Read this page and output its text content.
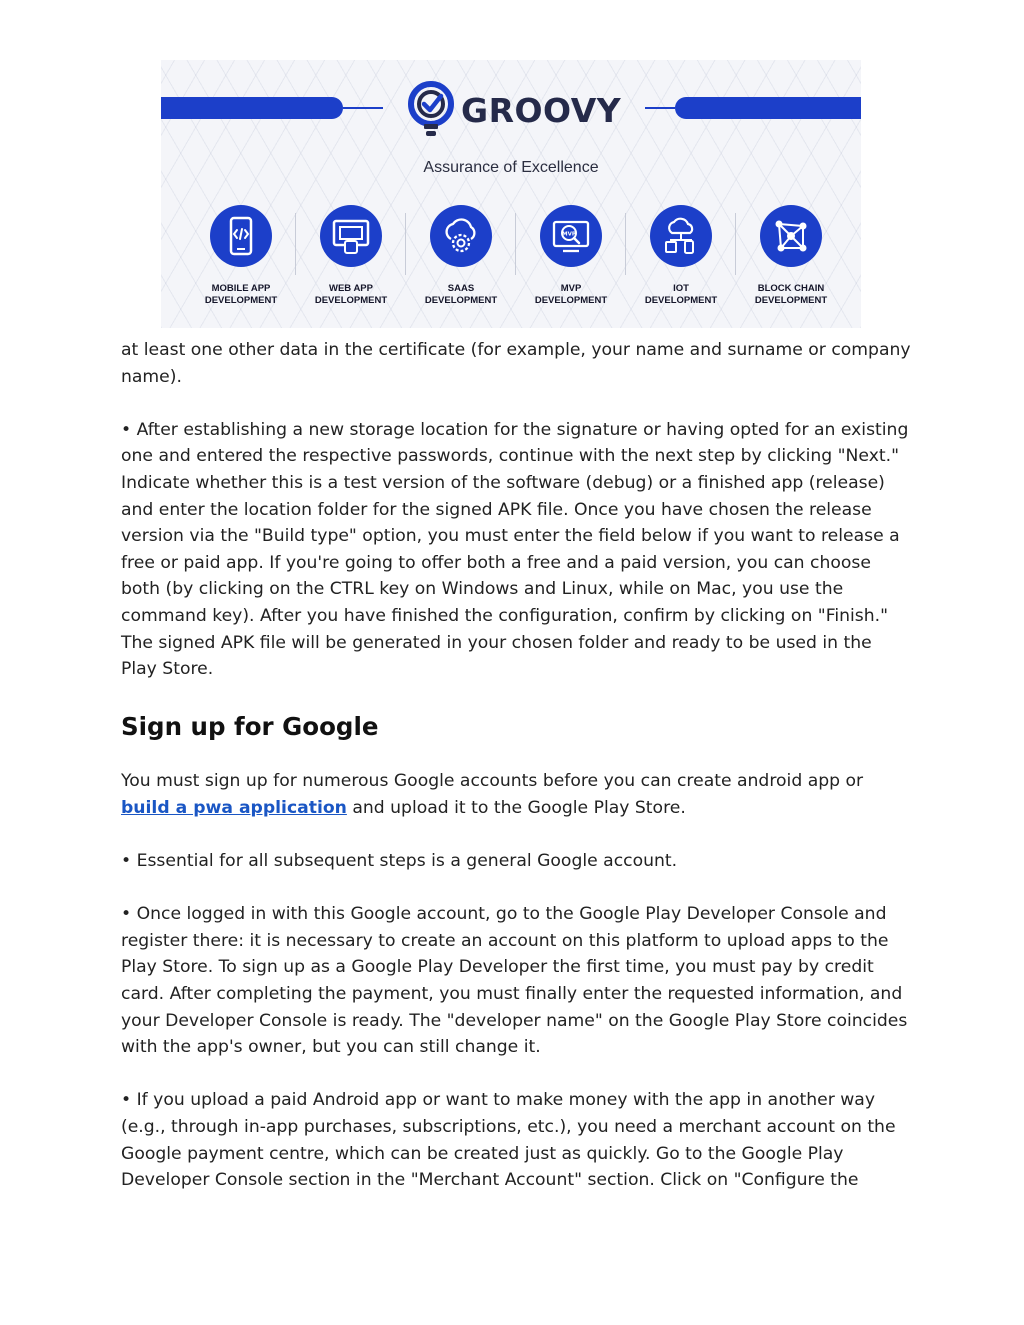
GROOVY
Assurance of Excellence
MOBILE APP
DEVELOPMENT
WEB APP
DEVELOPMENT
SAAS
DEVELOPMENT
MVP
MVP
DEVELOPMENT
IOT
DEVELOPMENT
BLOCK CHAIN
DEVELOPMENT

at least one other data in the certificate (for example, your name and surname or company name).

• After establishing a new storage location for the signature or having opted for an existing one and entered the respective passwords, continue with the next step by clicking "Next." Indicate whether this is a test version of the software (debug) or a finished app (release) and enter the location folder for the signed APK file. Once you have chosen the release version via the "Build type" option, you must enter the field below if you want to release a free or paid app. If you're going to offer both a free and a paid version, you can choose both (by clicking on the CTRL key on Windows and Linux, while on Mac, you use the command key). After you have finished the configuration, confirm by clicking on "Finish." The signed APK file will be generated in your chosen folder and ready to be used in the Play Store.

Sign up for Google

You must sign up for numerous Google accounts before you can create android app or build a pwa application and upload it to the Google Play Store.

• Essential for all subsequent steps is a general Google account.

• Once logged in with this Google account, go to the Google Play Developer Console and register there: it is necessary to create an account on this platform to upload apps to the Play Store. To sign up as a Google Play Developer the first time, you must pay by credit card. After completing the payment, you must finally enter the requested information, and your Developer Console is ready. The "developer name" on the Google Play Store coincides with the app's owner, but you can still change it.

• If you upload a paid Android app or want to make money with the app in another way (e.g., through in-app purchases, subscriptions, etc.), you need a merchant account on the Google payment centre, which can be created just as quickly. Go to the Google Play Developer Console section in the "Merchant Account" section. Click on "Configure the
